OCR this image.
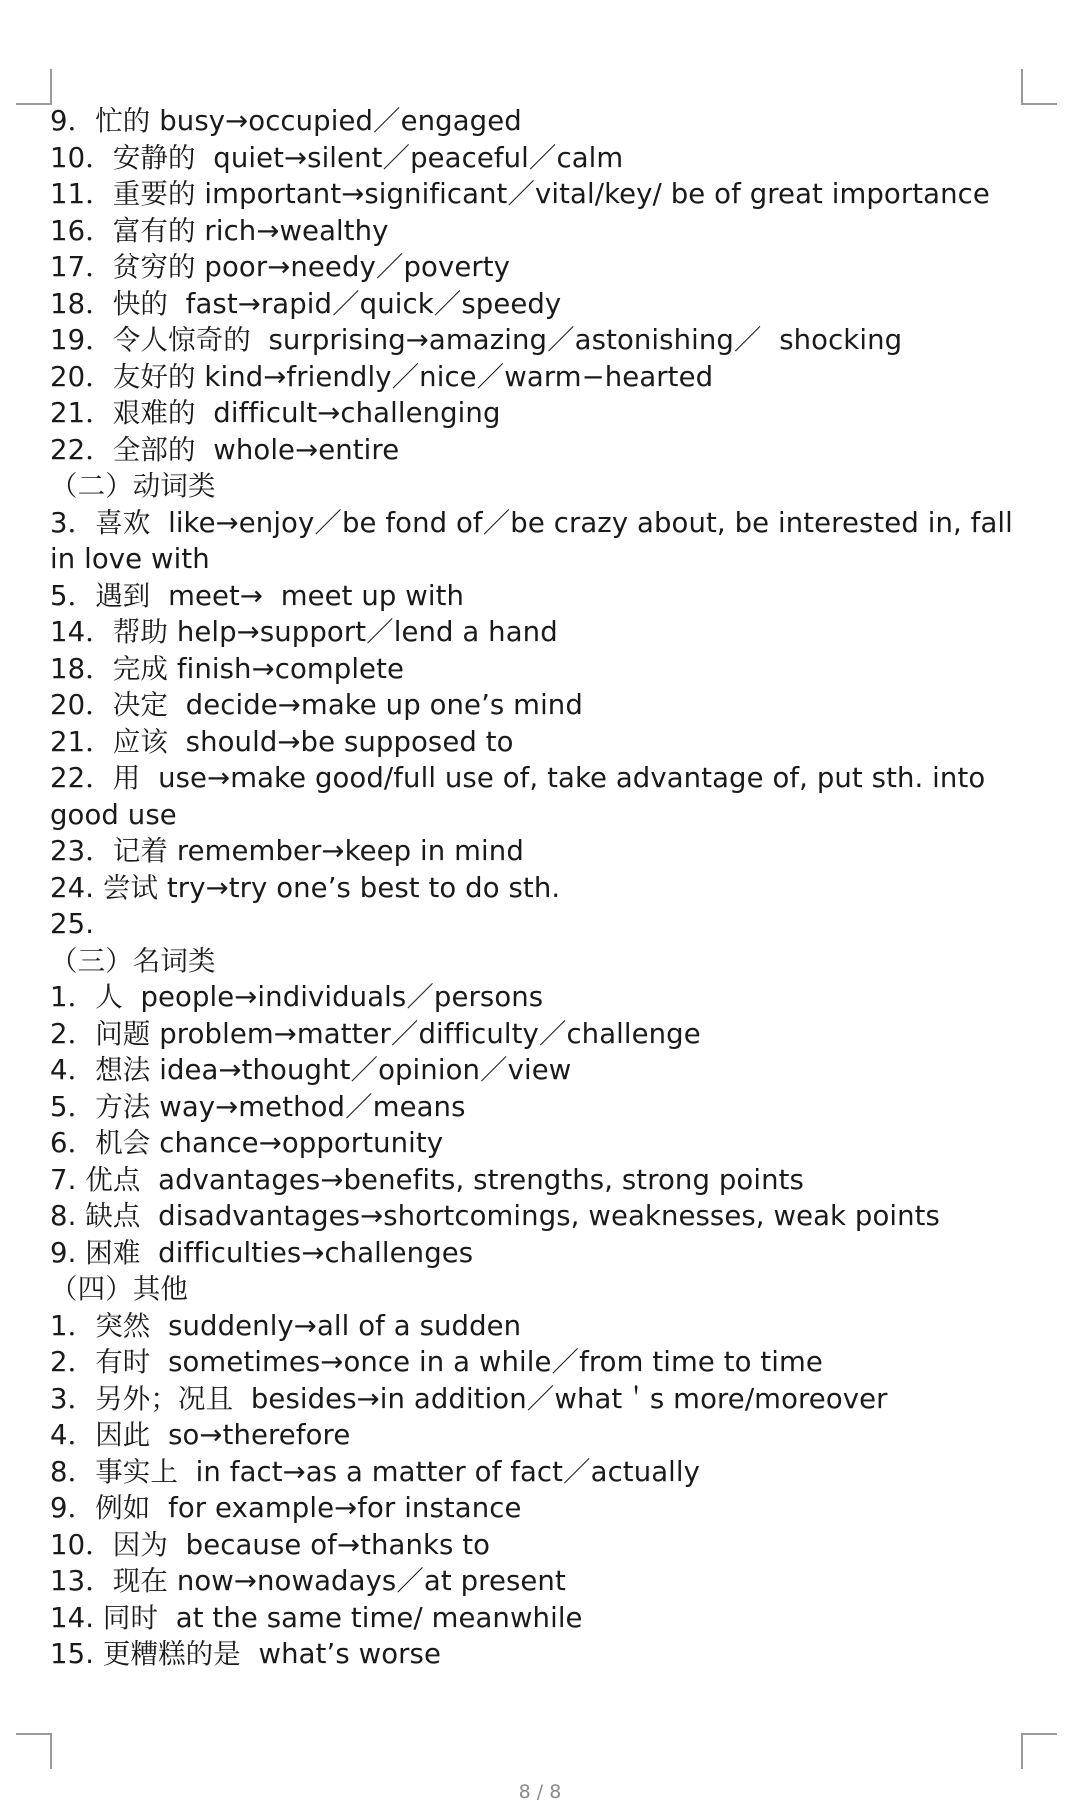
9．忙的 busy→occupied／engaged
10．安静的  quiet→silent／peaceful／calm
11．重要的 important→significant／vital/key/ be of great importance
16．富有的 rich→wealthy
17．贫穷的 poor→needy／poverty
18．快的  fast→rapid／quick／speedy
19．令人惊奇的  surprising→amazing／astonishing／  shocking
20．友好的 kind→friendly／nice／warm−hearted
21．艰难的  difficult→challenging
22．全部的  whole→entire
（二）动词类
3．喜欢  like→enjoy／be fond of／be crazy about, be interested in, fall in love with
5．遇到  meet→  meet up with
14．帮助 help→support／lend a hand
18．完成 finish→complete
20．决定  decide→make up one’s mind
21．应该  should→be supposed to
22．用  use→make good/full use of, take advantage of, put sth. into good use
23．记着 remember→keep in mind
24. 尝试 try→try one’s best to do sth.
25.
（三）名词类
1．人  people→individuals／persons
2．问题 problem→matter／difficulty／challenge
4．想法 idea→thought／opinion／view
5．方法 way→method／means
6．机会 chance→opportunity
7. 优点  advantages→benefits, strengths, strong points
8. 缺点  disadvantages→shortcomings, weaknesses, weak points
9. 困难  difficulties→challenges
（四）其他
1．突然  suddenly→all of a sudden
2．有时  sometimes→once in a while／from time to time
3．另外；况且  besides→in addition／what＇s more/moreover
4．因此  so→therefore
8．事实上  in fact→as a matter of fact／actually
9．例如  for example→for instance
10．因为  because of→thanks to
13．现在 now→nowadays／at present
14. 同时  at the same time/ meanwhile
15. 更糟糕的是  what’s worse
8 / 8
